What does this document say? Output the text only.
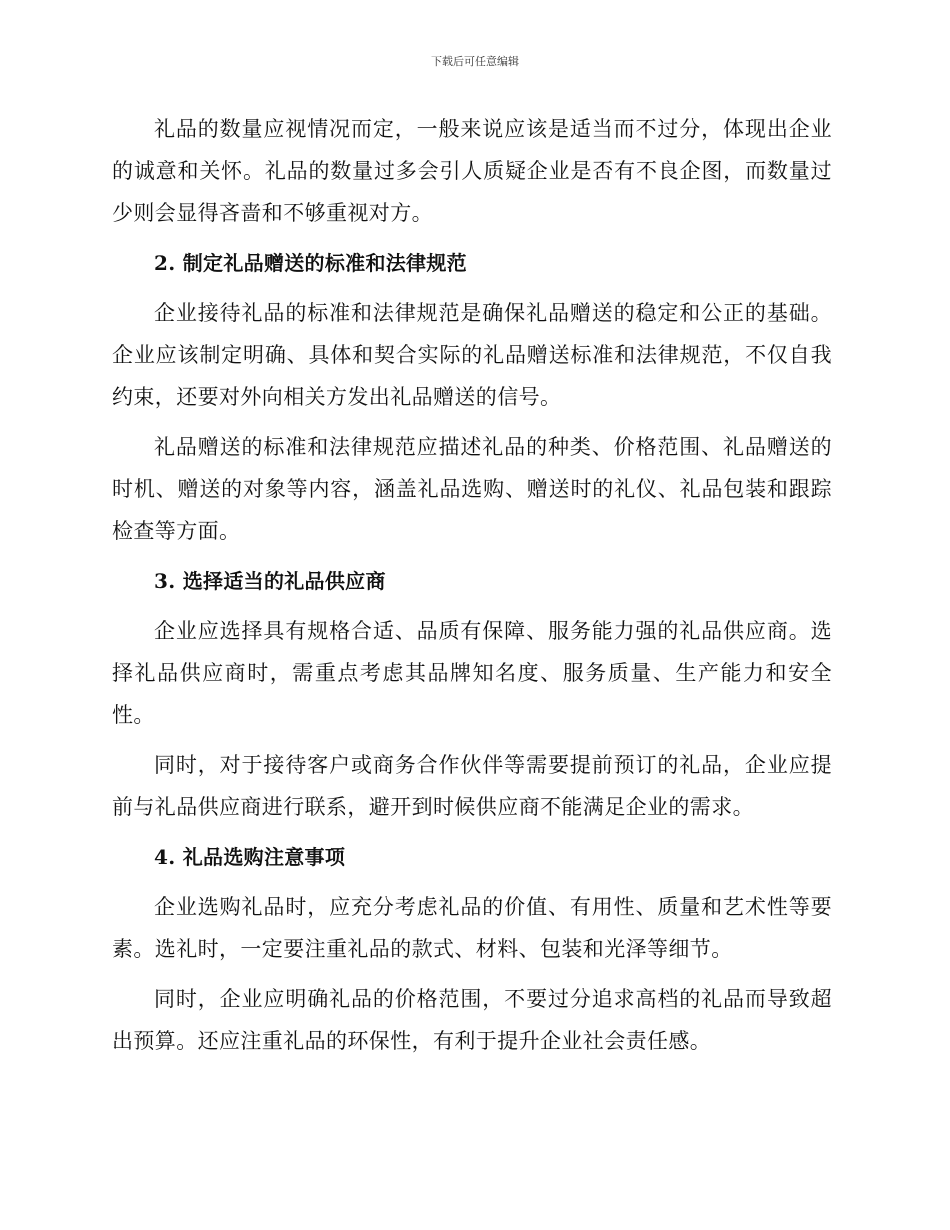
下载后可任意编辑

礼品的数量应视情况而定，一般来说应该是适当而不过分，体现出企业的诚意和关怀。礼品的数量过多会引人质疑企业是否有不良企图，而数量过少则会显得吝啬和不够重视对方。

2. 制定礼品赠送的标准和法律规范

企业接待礼品的标准和法律规范是确保礼品赠送的稳定和公正的基础。企业应该制定明确、具体和契合实际的礼品赠送标准和法律规范，不仅自我约束，还要对外向相关方发出礼品赠送的信号。

礼品赠送的标准和法律规范应描述礼品的种类、价格范围、礼品赠送的时机、赠送的对象等内容，涵盖礼品选购、赠送时的礼仪、礼品包装和跟踪检查等方面。

3. 选择适当的礼品供应商

企业应选择具有规格合适、品质有保障、服务能力强的礼品供应商。选择礼品供应商时，需重点考虑其品牌知名度、服务质量、生产能力和安全性。

同时，对于接待客户或商务合作伙伴等需要提前预订的礼品，企业应提前与礼品供应商进行联系，避开到时候供应商不能满足企业的需求。

4. 礼品选购注意事项

企业选购礼品时，应充分考虑礼品的价值、有用性、质量和艺术性等要素。选礼时，一定要注重礼品的款式、材料、包装和光泽等细节。

同时，企业应明确礼品的价格范围，不要过分追求高档的礼品而导致超出预算。还应注重礼品的环保性，有利于提升企业社会责任感。
